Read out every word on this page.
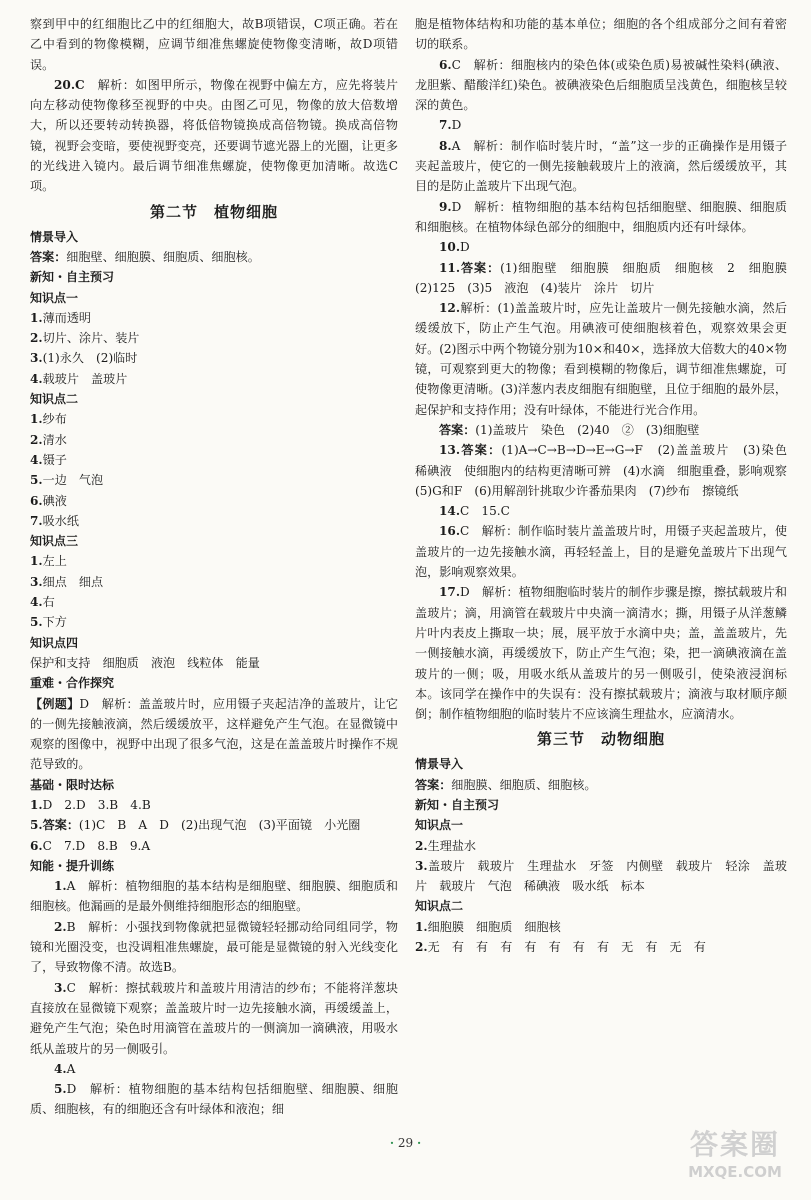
察到甲中的红细胞比乙中的红细胞大，故B项错误，C项正确。若在乙中看到的物像模糊，应调节细准焦螺旋使物像变清晰，故D项错误。

20.C　解析：如图甲所示，物像在视野中偏左方，应先将装片向左移动使物像移至视野的中央。由图乙可见，物像的放大倍数增大，所以还要转动转换器，将低倍物镜换成高倍物镜。换成高倍物镜，视野会变暗，要使视野变亮，还要调节遮光器上的光圈，让更多的光线进入镜内。最后调节细准焦螺旋，使物像更加清晰。故选C项。

第二节　植物细胞

情景导入

答案：细胞壁、细胞膜、细胞质、细胞核。

新知・自主预习

知识点一

1.薄而透明

2.切片、涂片、装片

3.(1)永久　(2)临时

4.载玻片　盖玻片

知识点二

1.纱布

2.清水

4.镊子

5.一边　气泡

6.碘液

7.吸水纸

知识点三

1.左上

3.细点　细点

4.右

5.下方

知识点四

保护和支持　细胞质　液泡　线粒体　能量

重难・合作探究

【例题】D　解析：盖盖玻片时，应用镊子夹起洁净的盖玻片，让它的一侧先接触液滴，然后缓缓放平，这样避免产生气泡。在显微镜中观察的图像中，视野中出现了很多气泡，这是在盖盖玻片时操作不规范导致的。

基础・限时达标

1.D　2.D　3.B　4.B

5.答案：(1)C　B　A　D　(2)出现气泡　(3)平面镜　小光圈

6.C　7.D　8.B　9.A

知能・提升训练

1.A　解析：植物细胞的基本结构是细胞壁、细胞膜、细胞质和细胞核。他漏画的是最外侧维持细胞形态的细胞壁。

2.B　解析：小强找到物像就把显微镜轻轻挪动给同组同学，物镜和光圈没变，也没调粗准焦螺旋，最可能是显微镜的射入光线变化了，导致物像不清。故选B。

3.C　解析：擦拭载玻片和盖玻片用清洁的纱布；不能将洋葱块直接放在显微镜下观察；盖盖玻片时一边先接触水滴，再缓缓盖上，避免产生气泡；染色时用滴管在盖玻片的一侧滴加一滴碘液，用吸水纸从盖玻片的另一侧吸引。

4.A

5.D　解析：植物细胞的基本结构包括细胞壁、细胞膜、细胞质、细胞核，有的细胞还含有叶绿体和液泡；细

胞是植物体结构和功能的基本单位；细胞的各个组成部分之间有着密切的联系。

6.C　解析：细胞核内的染色体(或染色质)易被碱性染料(碘液、龙胆紫、醋酸洋红)染色。被碘液染色后细胞质呈浅黄色，细胞核呈较深的黄色。

7.D

8.A　解析：制作临时装片时，“盖”这一步的正确操作是用镊子夹起盖玻片，使它的一侧先接触载玻片上的液滴，然后缓缓放平，其目的是防止盖玻片下出现气泡。

9.D　解析：植物细胞的基本结构包括细胞壁、细胞膜、细胞质和细胞核。在植物体绿色部分的细胞中，细胞质内还有叶绿体。

10.D

11.答案：(1)细胞壁　细胞膜　细胞质　细胞核　2　细胞膜　(2)125　(3)5　液泡　(4)装片　涂片　切片

12.解析：(1)盖盖玻片时，应先让盖玻片一侧先接触水滴，然后缓缓放下，防止产生气泡。用碘液可使细胞核着色，观察效果会更好。(2)图示中两个物镜分别为10×和40×，选择放大倍数大的40×物镜，可观察到更大的物像；看到模糊的物像后，调节细准焦螺旋，可使物像更清晰。(3)洋葱内表皮细胞有细胞壁，且位于细胞的最外层，起保护和支持作用；没有叶绿体，不能进行光合作用。

答案：(1)盖玻片　染色　(2)40　②　(3)细胞壁

13.答案：(1)A→C→B→D→E→G→F　(2)盖盖玻片　(3)染色　稀碘液　使细胞内的结构更清晰可辨　(4)水滴　细胞重叠，影响观察　(5)G和F　(6)用解剖针挑取少许番茄果肉　(7)纱布　擦镜纸

14.C　15.C

16.C　解析：制作临时装片盖盖玻片时，用镊子夹起盖玻片，使盖玻片的一边先接触水滴，再轻轻盖上，目的是避免盖玻片下出现气泡，影响观察效果。

17.D　解析：植物细胞临时装片的制作步骤是擦，擦拭载玻片和盖玻片；滴，用滴管在载玻片中央滴一滴清水；撕，用镊子从洋葱鳞片叶内表皮上撕取一块；展，展平放于水滴中央；盖，盖盖玻片，先一侧接触水滴，再缓缓放下，防止产生气泡；染，把一滴碘液滴在盖玻片的一侧；吸，用吸水纸从盖玻片的另一侧吸引，使染液浸润标本。该同学在操作中的失误有：没有擦拭载玻片；滴液与取材顺序颠倒；制作植物细胞的临时装片不应该滴生理盐水，应滴清水。

第三节　动物细胞

情景导入

答案：细胞膜、细胞质、细胞核。

新知・自主预习

知识点一

2.生理盐水

3.盖玻片　载玻片　生理盐水　牙签　内侧壁　载玻片　轻涂　盖玻片　载玻片　气泡　稀碘液　吸水纸　标本

知识点二

1.细胞膜　细胞质　细胞核

2.无　有　有　有　有　有　有　有　无　有　无　有

· 29 ·	答案圈
MXQE.COM
